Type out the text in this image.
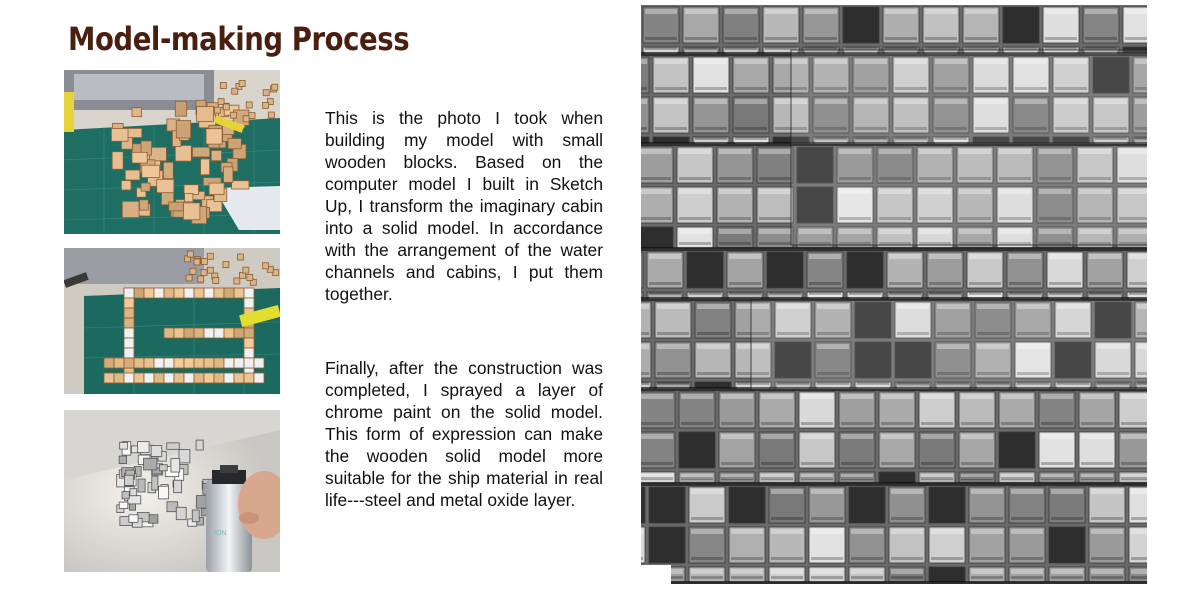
Model-making Process
ION

This is the photo I took when building my model with small wooden blocks. Based on the computer model I built in Sketch Up, I transform the imaginary cabin into a solid model. In accordance with the arrangement of the water channels and cabins, I put them together.

Finally, after the construction was completed, I sprayed a layer of chrome paint on the solid model. This form of expression can make the wooden solid model more suitable for the ship material in real life---steel and metal oxide layer.
